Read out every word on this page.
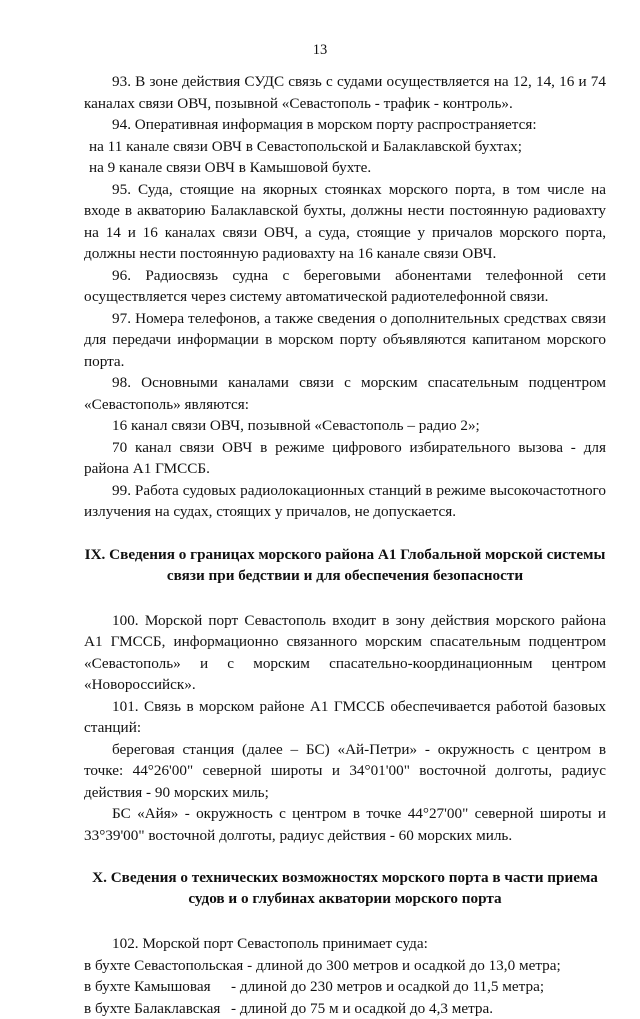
13

93. В зоне действия СУДС связь с судами осуществляется на 12, 14, 16 и 74 каналах связи ОВЧ, позывной «Севастополь - трафик - контроль».

94. Оперативная информация в морском порту распространяется:

на 11 канале связи ОВЧ в Севастопольской и Балаклавской бухтах;

на 9 канале связи ОВЧ в Камышовой бухте.

95. Суда, стоящие на якорных стоянках морского порта, в том числе на входе в акваторию Балаклавской бухты, должны нести постоянную радиовахту на 14 и 16 каналах связи ОВЧ, а суда, стоящие у причалов морского порта, должны нести постоянную радиовахту на 16 канале связи ОВЧ.

96. Радиосвязь судна с береговыми абонентами телефонной сети осуществляется через систему автоматической радиотелефонной связи.

97. Номера телефонов, а также сведения о дополнительных средствах связи для передачи информации в морском порту объявляются капитаном морского порта.

98. Основными каналами связи с морским спасательным подцентром «Севастополь» являются:

16 канал связи ОВЧ, позывной «Севастополь – радио 2»;

70 канал связи ОВЧ в режиме цифрового избирательного вызова - для района А1 ГМССБ.

99. Работа судовых радиолокационных станций в режиме высокочастотного излучения на судах, стоящих у причалов, не допускается.

IX. Сведения о границах морского района А1 Глобальной морской системы связи при бедствии и для обеспечения безопасности

100. Морской порт Севастополь входит в зону действия морского района А1 ГМССБ, информационно связанного морским спасательным подцентром «Севастополь» и с морским спасательно-координационным центром «Новороссийск».

101. Связь в морском районе А1 ГМССБ обеспечивается работой базовых станций:

береговая станция (далее – БС) «Ай-Петри» - окружность с центром в точке: 44°26'00" северной широты и 34°01'00" восточной долготы, радиус действия - 90 морских миль;

БС «Айя» - окружность с центром в точке 44°27'00" северной широты и 33°39'00" восточной долготы, радиус действия - 60 морских миль.

X. Сведения о технических возможностях морского порта в части приема судов и о глубинах акватории морского порта

102. Морской порт Севастополь принимает суда:

в бухте Севастопольская - длиной до 300 метров и осадкой до 13,0 метра;
в бухте Камышовая	- длиной до 230 метров и осадкой до 11,5 метра;
в бухте Балаклавская - длиной до 75 м и осадкой до 4,3 метра.
